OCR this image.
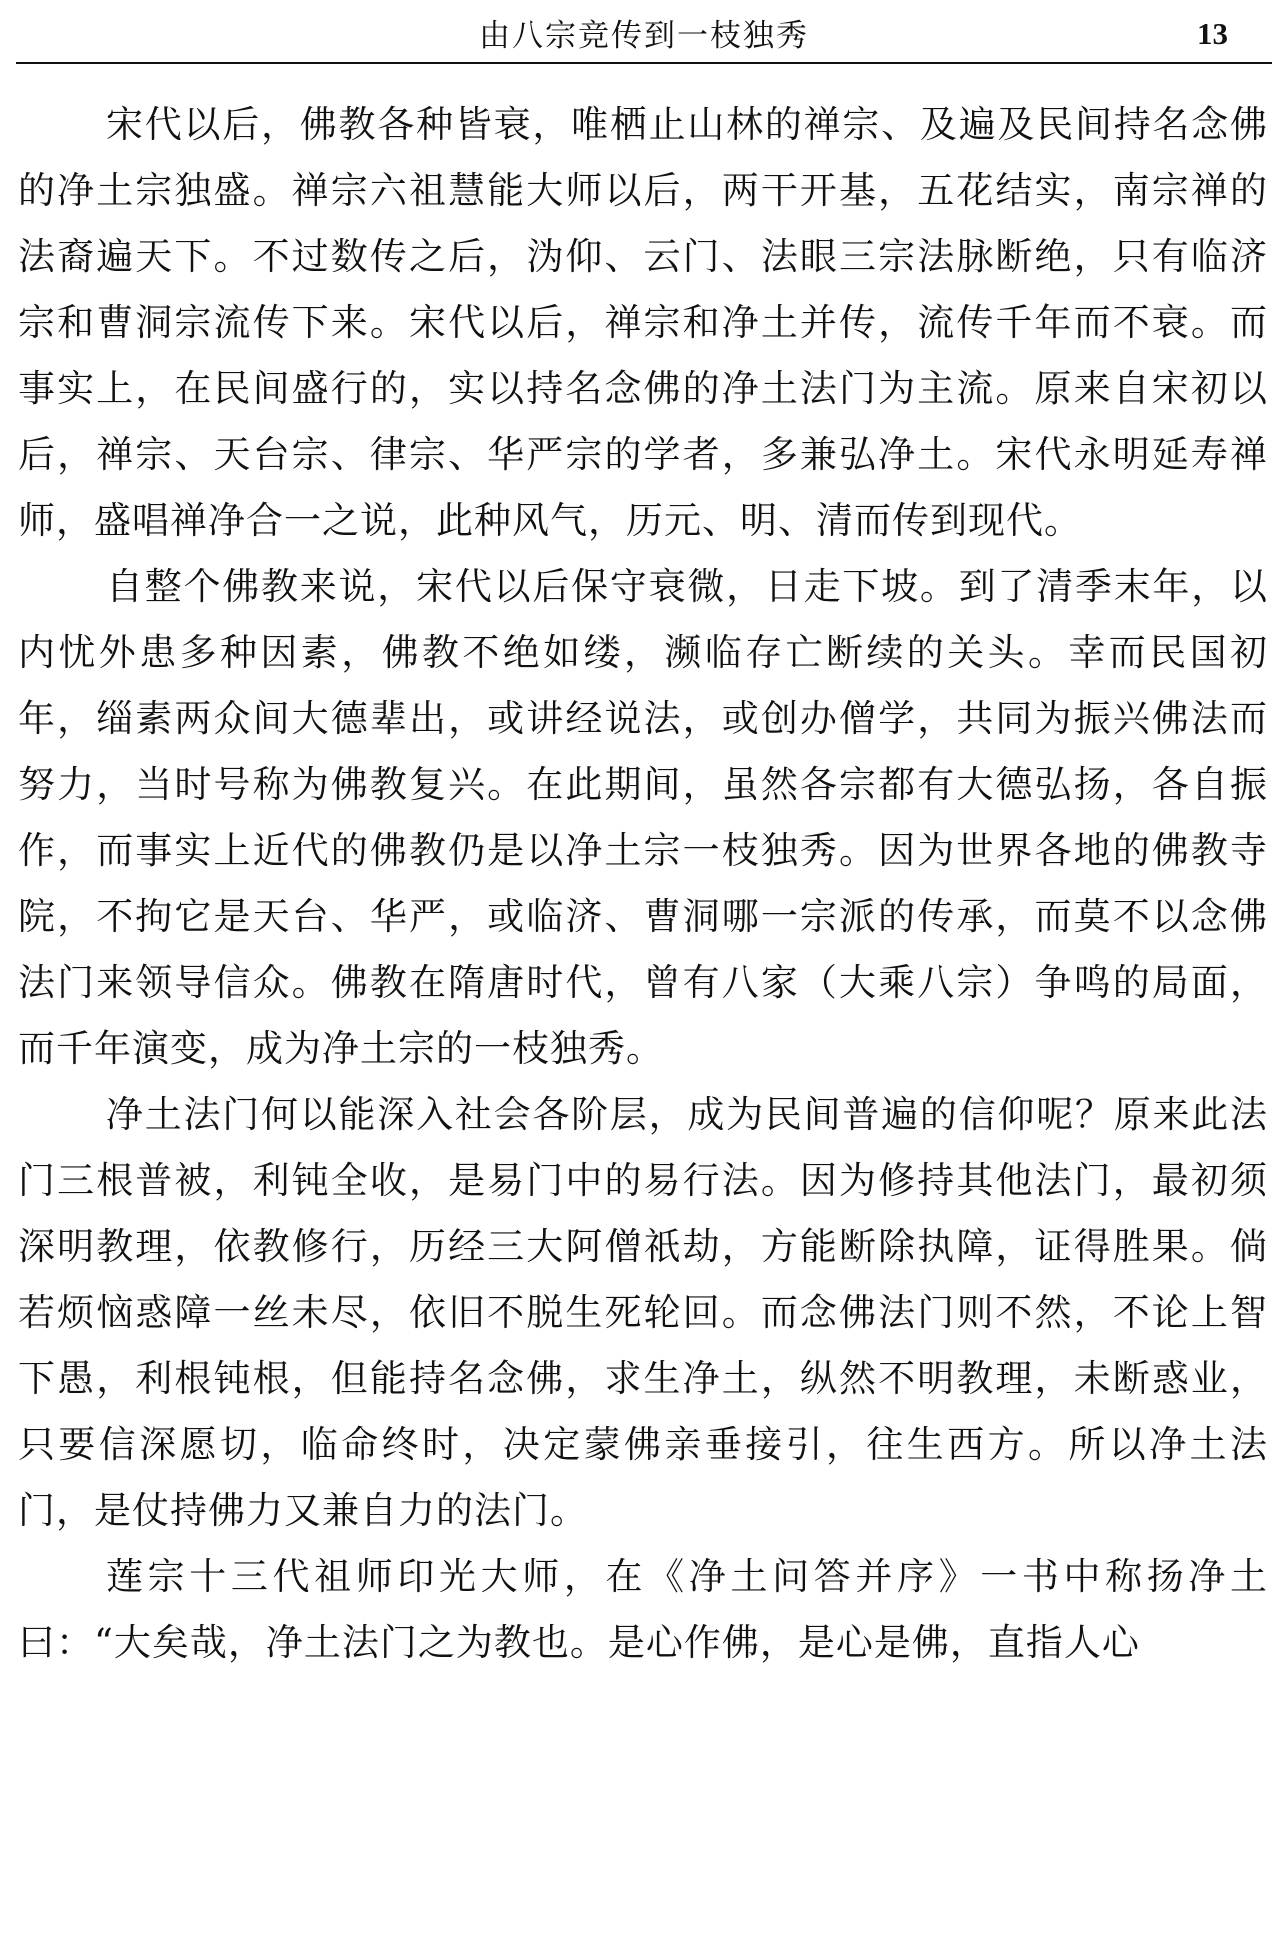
由八宗竞传到一枝独秀	13

宋代以后，佛教各种皆衰，唯栖止山林的禅宗、及遍及民间持名念佛的净土宗独盛。禅宗六祖慧能大师以后，两干开基，五花结实，南宗禅的法裔遍天下。不过数传之后，沩仰、云门、法眼三宗法脉断绝，只有临济宗和曹洞宗流传下来。宋代以后，禅宗和净土并传，流传千年而不衰。而事实上，在民间盛行的，实以持名念佛的净土法门为主流。原来自宋初以后，禅宗、天台宗、律宗、华严宗的学者，多兼弘净土。宋代永明延寿禅师，盛唱禅净合一之说，此种风气，历元、明、清而传到现代。

自整个佛教来说，宋代以后保守衰微，日走下坡。到了清季末年，以内忧外患多种因素，佛教不绝如缕，濒临存亡断续的关头。幸而民国初年，缁素两众间大德辈出，或讲经说法，或创办僧学，共同为振兴佛法而努力，当时号称为佛教复兴。在此期间，虽然各宗都有大德弘扬，各自振作，而事实上近代的佛教仍是以净土宗一枝独秀。因为世界各地的佛教寺院，不拘它是天台、华严，或临济、曹洞哪一宗派的传承，而莫不以念佛法门来领导信众。佛教在隋唐时代，曾有八家（大乘八宗）争鸣的局面，而千年演变，成为净土宗的一枝独秀。

净土法门何以能深入社会各阶层，成为民间普遍的信仰呢？原来此法门三根普被，利钝全收，是易门中的易行法。因为修持其他法门，最初须深明教理，依教修行，历经三大阿僧祇劫，方能断除执障，证得胜果。倘若烦恼惑障一丝未尽，依旧不脱生死轮回。而念佛法门则不然，不论上智下愚，利根钝根，但能持名念佛，求生净土，纵然不明教理，未断惑业，只要信深愿切，临命终时，决定蒙佛亲垂接引，往生西方。所以净土法门，是仗持佛力又兼自力的法门。

莲宗十三代祖师印光大师，在《净土问答并序》一书中称扬净土曰：“大矣哉，净土法门之为教也。是心作佛，是心是佛，直指人心
